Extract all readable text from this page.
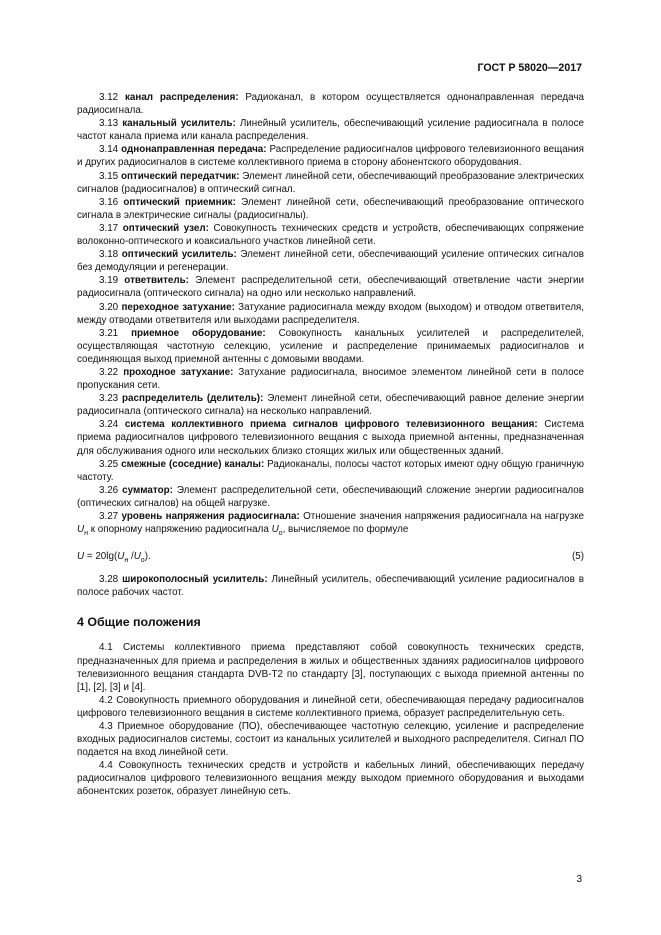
ГОСТ Р 58020—2017

3.12 канал распределения: Радиоканал, в котором осуществляется однонаправленная передача радиосигнала.

3.13 канальный усилитель: Линейный усилитель, обеспечивающий усиление радиосигнала в полосе частот канала приема или канала распределения.

3.14 однонаправленная передача: Распределение радиосигналов цифрового телевизионного вещания и других радиосигналов в системе коллективного приема в сторону абонентского оборудования.

3.15 оптический передатчик: Элемент линейной сети, обеспечивающий преобразование электрических сигналов (радиосигналов) в оптический сигнал.

3.16 оптический приемник: Элемент линейной сети, обеспечивающий преобразование оптического сигнала в электрические сигналы (радиосигналы).

3.17 оптический узел: Совокупность технических средств и устройств, обеспечивающих сопряжение волоконно-оптического и коаксиального участков линейной сети.

3.18 оптический усилитель: Элемент линейной сети, обеспечивающий усиление оптических сигналов без демодуляции и регенерации.

3.19 ответвитель: Элемент распределительной сети, обеспечивающий ответвление части энергии радиосигнала (оптического сигнала) на одно или несколько направлений.

3.20 переходное затухание: Затухание радиосигнала между входом (выходом) и отводом ответвителя, между отводами ответвителя или выходами распределителя.

3.21 приемное оборудование: Совокупность канальных усилителей и распределителей, осуществляющая частотную селекцию, усиление и распределение принимаемых радиосигналов и соединяющая выход приемной антенны с домовыми вводами.

3.22 проходное затухание: Затухание радиосигнала, вносимое элементом линейной сети в полосе пропускания сети.

3.23 распределитель (делитель): Элемент линейной сети, обеспечивающий равное деление энергии радиосигнала (оптического сигнала) на несколько направлений.

3.24 система коллективного приема сигналов цифрового телевизионного вещания: Система приема радиосигналов цифрового телевизионного вещания с выхода приемной антенны, предназначенная для обслуживания одного или нескольких близко стоящих жилых или общественных зданий.

3.25 смежные (соседние) каналы: Радиоканалы, полосы частот которых имеют одну общую граничную частоту.

3.26 сумматор: Элемент распределительной сети, обеспечивающий сложение энергии радиосигналов (оптических сигналов) на общей нагрузке.

3.27 уровень напряжения радиосигнала: Отношение значения напряжения радиосигнала на нагрузке $U_н$ к опорному напряжению радиосигнала $U_о$, вычисляемое по формуле

$U = 20\lg(U_н$ $/U_о$).	(5)

3.28 широкополосный усилитель: Линейный усилитель, обеспечивающий усиление радиосигналов в полосе рабочих частот.

4 Общие положения

4.1 Системы коллективного приема представляют собой совокупность технических средств, предназначенных для приема и распределения в жилых и общественных зданиях радиосигналов цифрового телевизионного вещания стандарта DVB-T2 по стандарту [3], поступающих с выхода приемной антенны по [1], [2], [3] и [4].

4.2 Совокупность приемного оборудования и линейной сети, обеспечивающая передачу радиосигналов цифрового телевизионного вещания в системе коллективного приема, образует распределительную сеть.

4.3 Приемное оборудование (ПО), обеспечивающее частотную селекцию, усиление и распределение входных радиосигналов системы, состоит из канальных усилителей и выходного распределителя. Сигнал ПО подается на вход линейной сети.

4.4 Совокупность технических средств и устройств и кабельных линий, обеспечивающих передачу радиосигналов цифрового телевизионного вещания между выходом приемного оборудования и выходами абонентских розеток, образует линейную сеть.

3
